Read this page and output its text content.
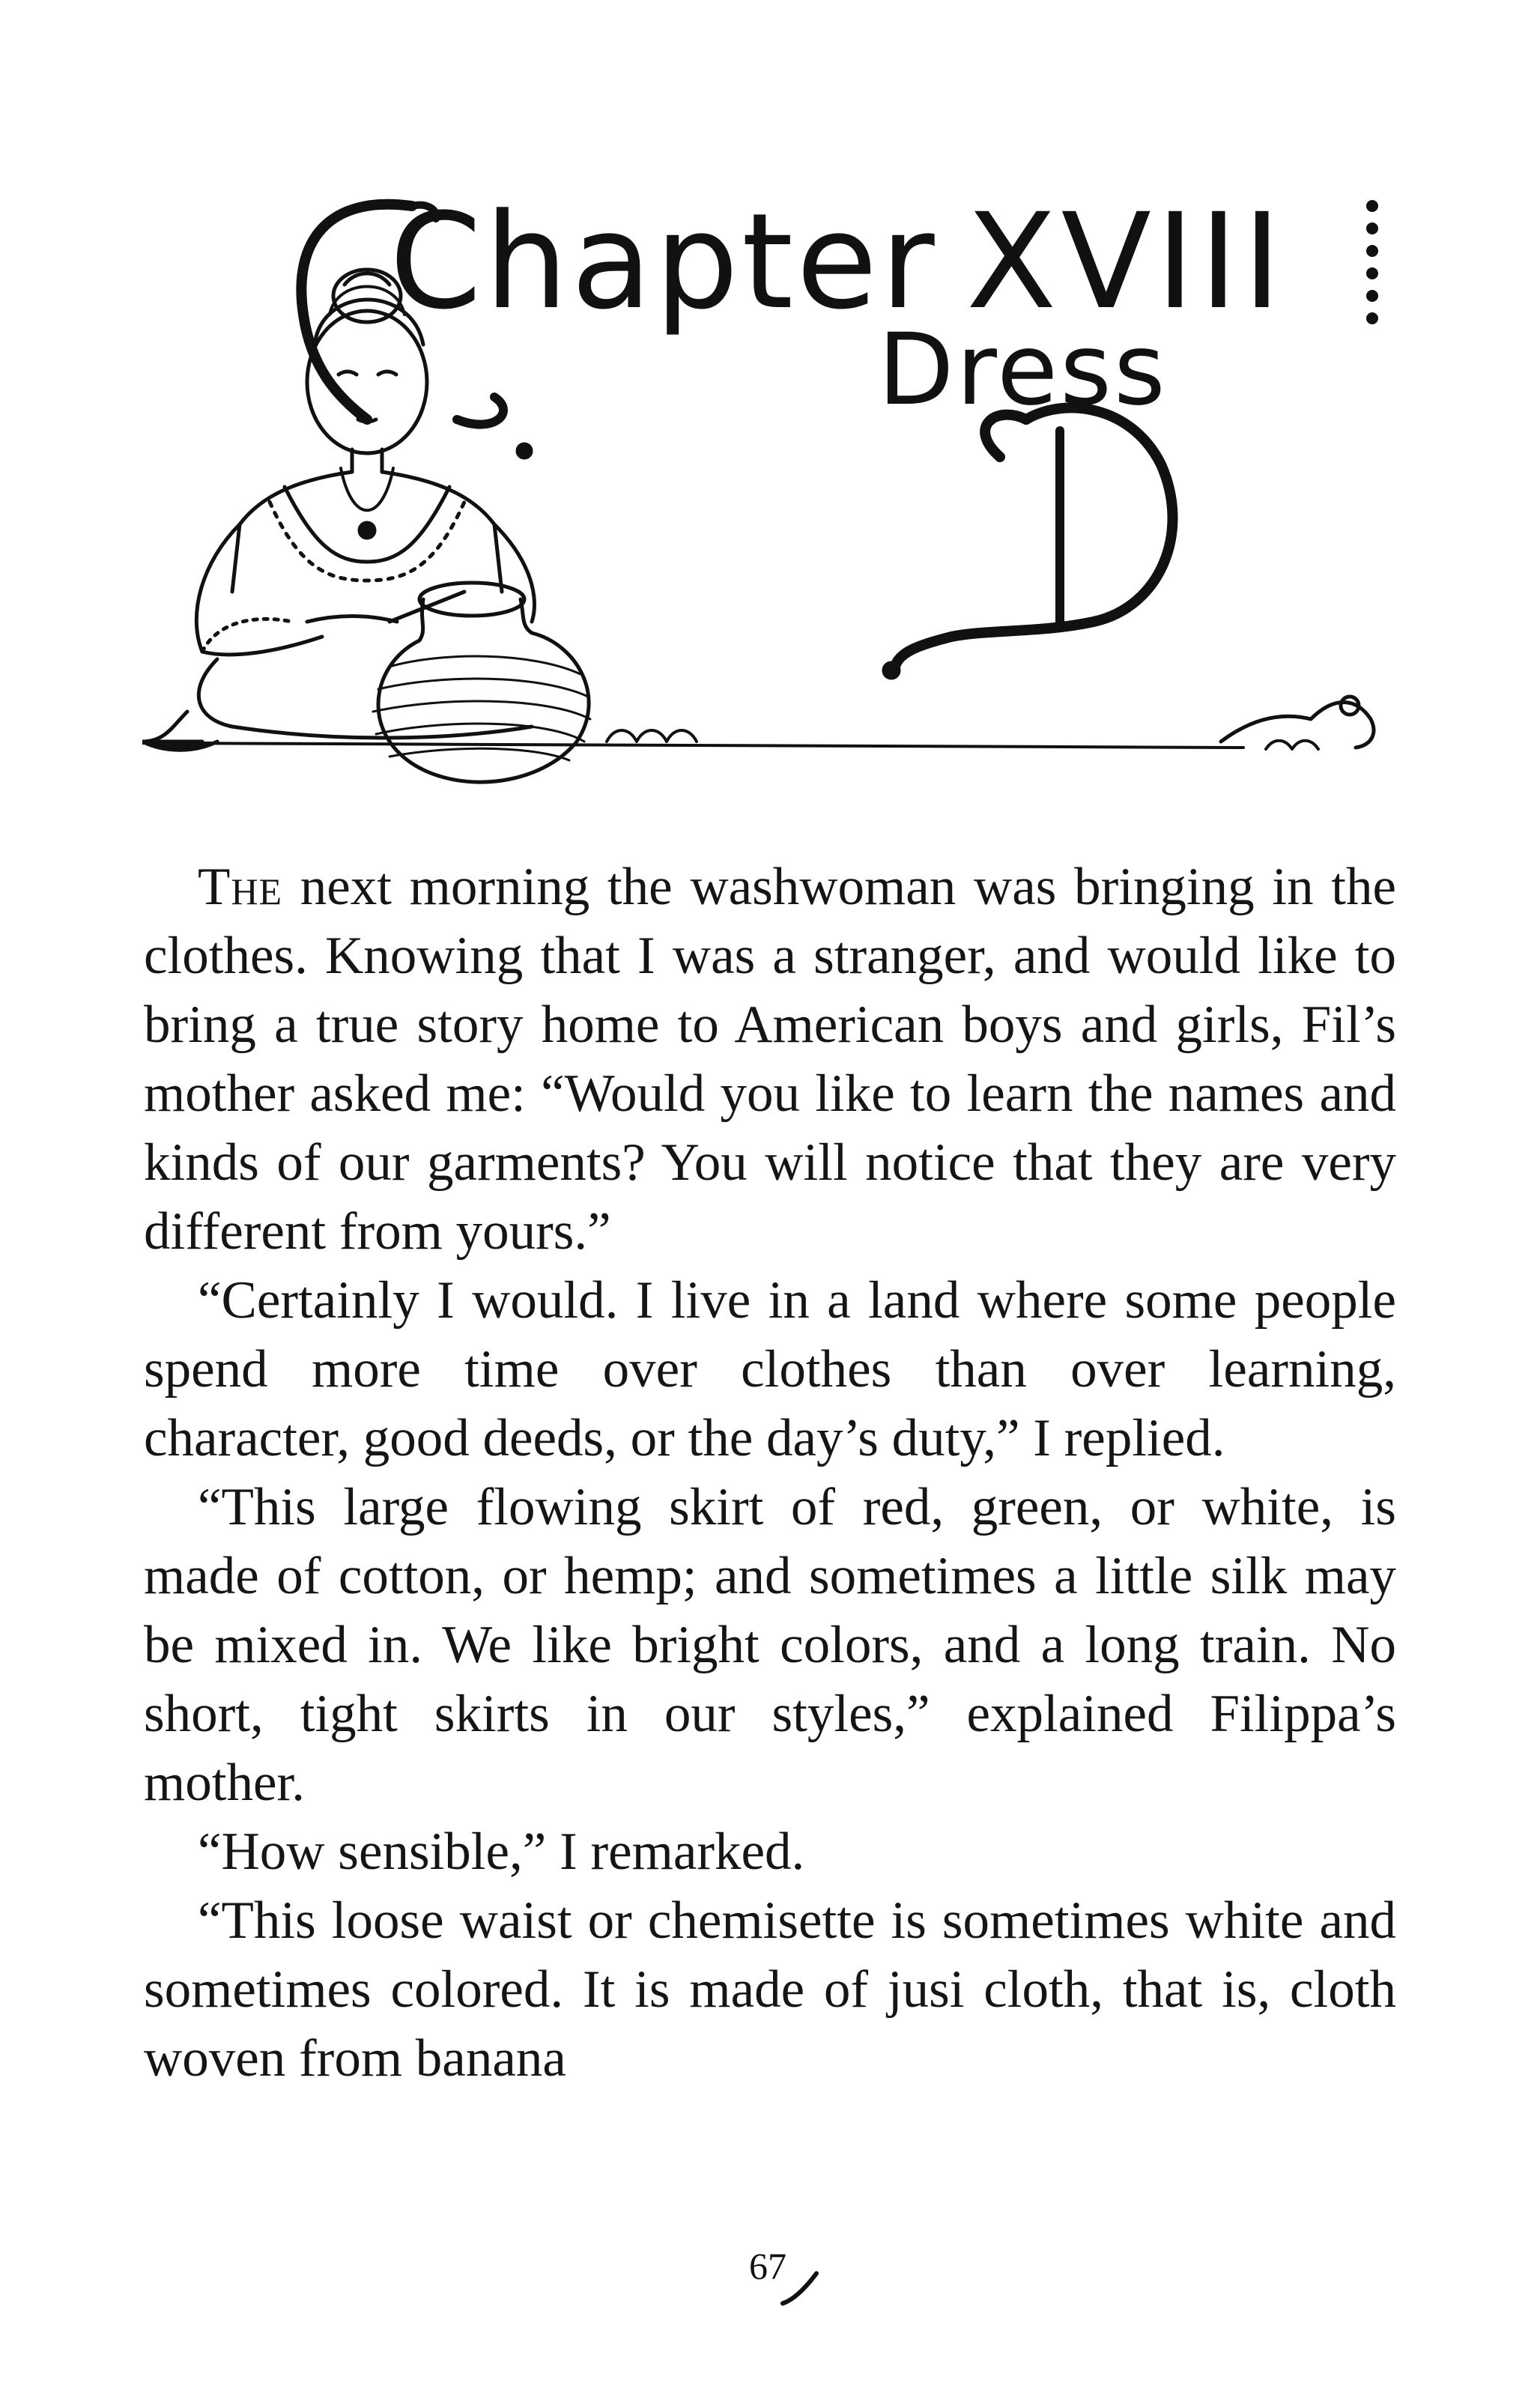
Chapter XVIII
Dress

The next morning the washwoman was bringing in the clothes. Knowing that I was a stranger, and would like to bring a true story home to American boys and girls, Fil’s mother asked me: “Would you like to learn the names and kinds of our garments? You will notice that they are very different from yours.”

“Certainly I would. I live in a land where some people spend more time over clothes than over learning, character, good deeds, or the day’s duty,” I replied.

“This large flowing skirt of red, green, or white, is made of cotton, or hemp; and sometimes a little silk may be mixed in. We like bright colors, and a long train. No short, tight skirts in our styles,” explained Filippa’s mother.

“How sensible,” I remarked.

“This loose waist or chemisette is sometimes white and sometimes colored. It is made of jusi cloth, that is, cloth woven from banana

67
